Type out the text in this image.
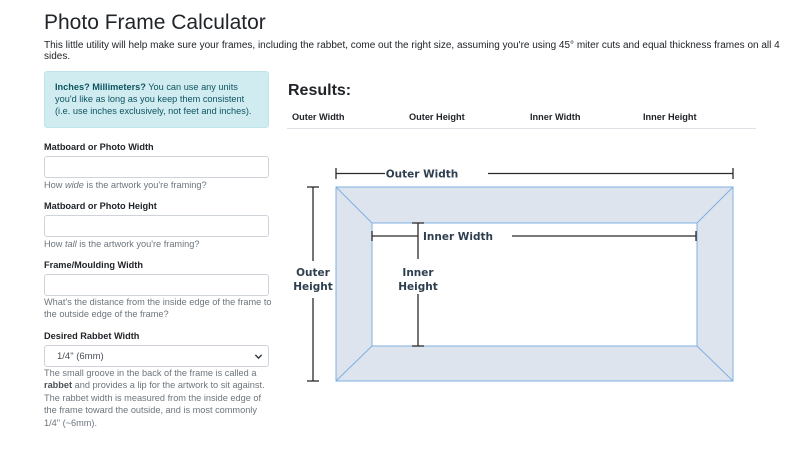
Photo Frame Calculator

This little utility will help make sure your frames, including the rabbet, come out the right size, assuming you're using 45° miter cuts and equal thickness frames on all 4 sides.

Inches? Millimeters? You can use any units you'd like as long as you keep them consistent (i.e. use inches exclusively, not feet and inches).
Matboard or Photo Width
How wide is the artwork you're framing?
Matboard or Photo Height
How tall is the artwork you're framing?
Frame/Moulding Width
What's the distance from the inside edge of the frame to the outside edge of the frame?
Desired Rabbet Width
1/4" (6mm)
The small groove in the back of the frame is called a rabbet and provides a lip for the artwork to sit against. The rabbet width is measured from the inside edge of the frame toward the outside, and is most commonly 1/4" (~6mm).
Results:
Outer Width	Outer Height	Inner Width	Inner Height
Outer Width
Outer
Height
Inner Width
Inner
Height
